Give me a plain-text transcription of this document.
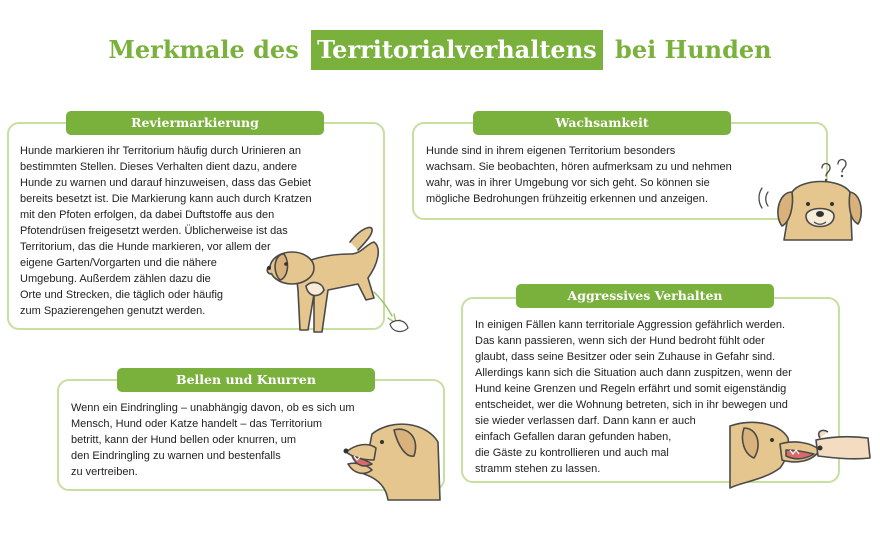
Merkmale des Territorialverhaltens bei Hunden
Reviermarkierung
Hunde markieren ihr Territorium häufig durch Urinieren an
bestimmten Stellen. Dieses Verhalten dient dazu, andere
Hunde zu warnen und darauf hinzuweisen, dass das Gebiet
bereits besetzt ist. Die Markierung kann auch durch Kratzen
mit den Pfoten erfolgen, da dabei Duftstoffe aus den
Pfotendrüsen freigesetzt werden. Üblicherweise ist das
Territorium, das die Hunde markieren, vor allem der
eigene Garten/Vorgarten und die nähere
Umgebung. Außerdem zählen dazu die
Orte und Strecken, die täglich oder häufig
zum Spazierengehen genutzt werden.
Wachsamkeit
Hunde sind in ihrem eigenen Territorium besonders
wachsam. Sie beobachten, hören aufmerksam zu und nehmen
wahr, was in ihrer Umgebung vor sich geht. So können sie
mögliche Bedrohungen frühzeitig erkennen und anzeigen.
Bellen und Knurren
Wenn ein Eindringling – unabhängig davon, ob es sich um
Mensch, Hund oder Katze handelt – das Territorium
betritt, kann der Hund bellen oder knurren, um
den Eindringling zu warnen und bestenfalls
zu vertreiben.
Aggressives Verhalten
In einigen Fällen kann territoriale Aggression gefährlich werden.
Das kann passieren, wenn sich der Hund bedroht fühlt oder
glaubt, dass seine Besitzer oder sein Zuhause in Gefahr sind.
Allerdings kann sich die Situation auch dann zuspitzen, wenn der
Hund keine Grenzen und Regeln erfährt und somit eigenständig
entscheidet, wer die Wohnung betreten, sich in ihr bewegen und
sie wieder verlassen darf. Dann kann er auch
einfach Gefallen daran gefunden haben,
die Gäste zu kontrollieren und auch mal
stramm stehen zu lassen.
